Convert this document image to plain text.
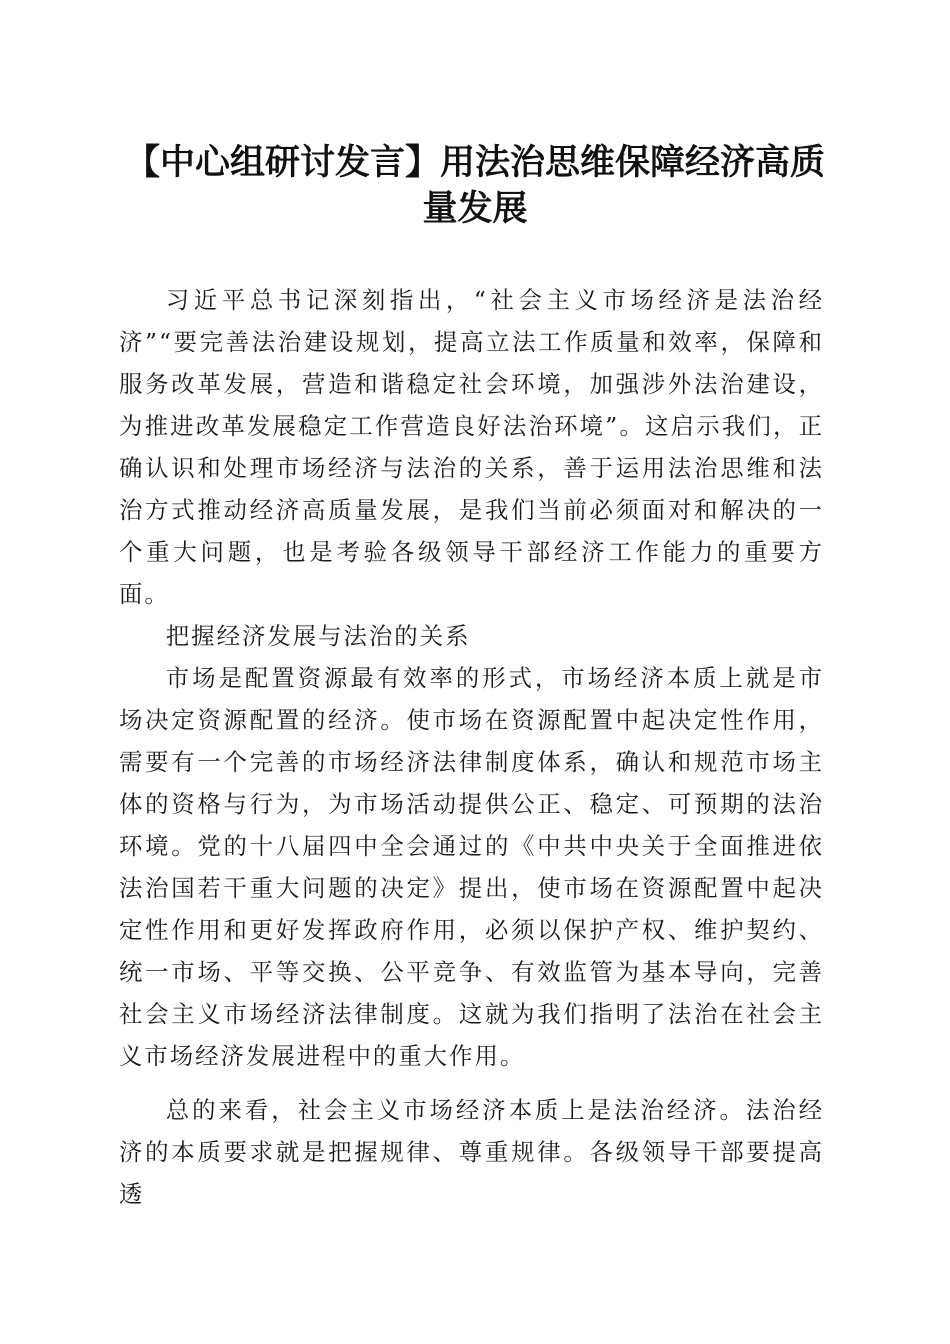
【中心组研讨发言】用法治思维保障经济高质量发展

习近平总书记深刻指出，“社会主义市场经济是法治经济”“要完善法治建设规划，提高立法工作质量和效率，保障和服务改革发展，营造和谐稳定社会环境，加强涉外法治建设，为推进改革发展稳定工作营造良好法治环境”。这启示我们，正确认识和处理市场经济与法治的关系，善于运用法治思维和法治方式推动经济高质量发展，是我们当前必须面对和解决的一个重大问题，也是考验各级领导干部经济工作能力的重要方面。

把握经济发展与法治的关系

市场是配置资源最有效率的形式，市场经济本质上就是市场决定资源配置的经济。使市场在资源配置中起决定性作用，需要有一个完善的市场经济法律制度体系，确认和规范市场主体的资格与行为，为市场活动提供公正、稳定、可预期的法治环境。党的十八届四中全会通过的《中共中央关于全面推进依法治国若干重大问题的决定》提出，使市场在资源配置中起决定性作用和更好发挥政府作用，必须以保护产权、维护契约、统一市场、平等交换、公平竞争、有效监管为基本导向，完善社会主义市场经济法律制度。这就为我们指明了法治在社会主义市场经济发展进程中的重大作用。

总的来看，社会主义市场经济本质上是法治经济。法治经济的本质要求就是把握规律、尊重规律。各级领导干部要提高透
